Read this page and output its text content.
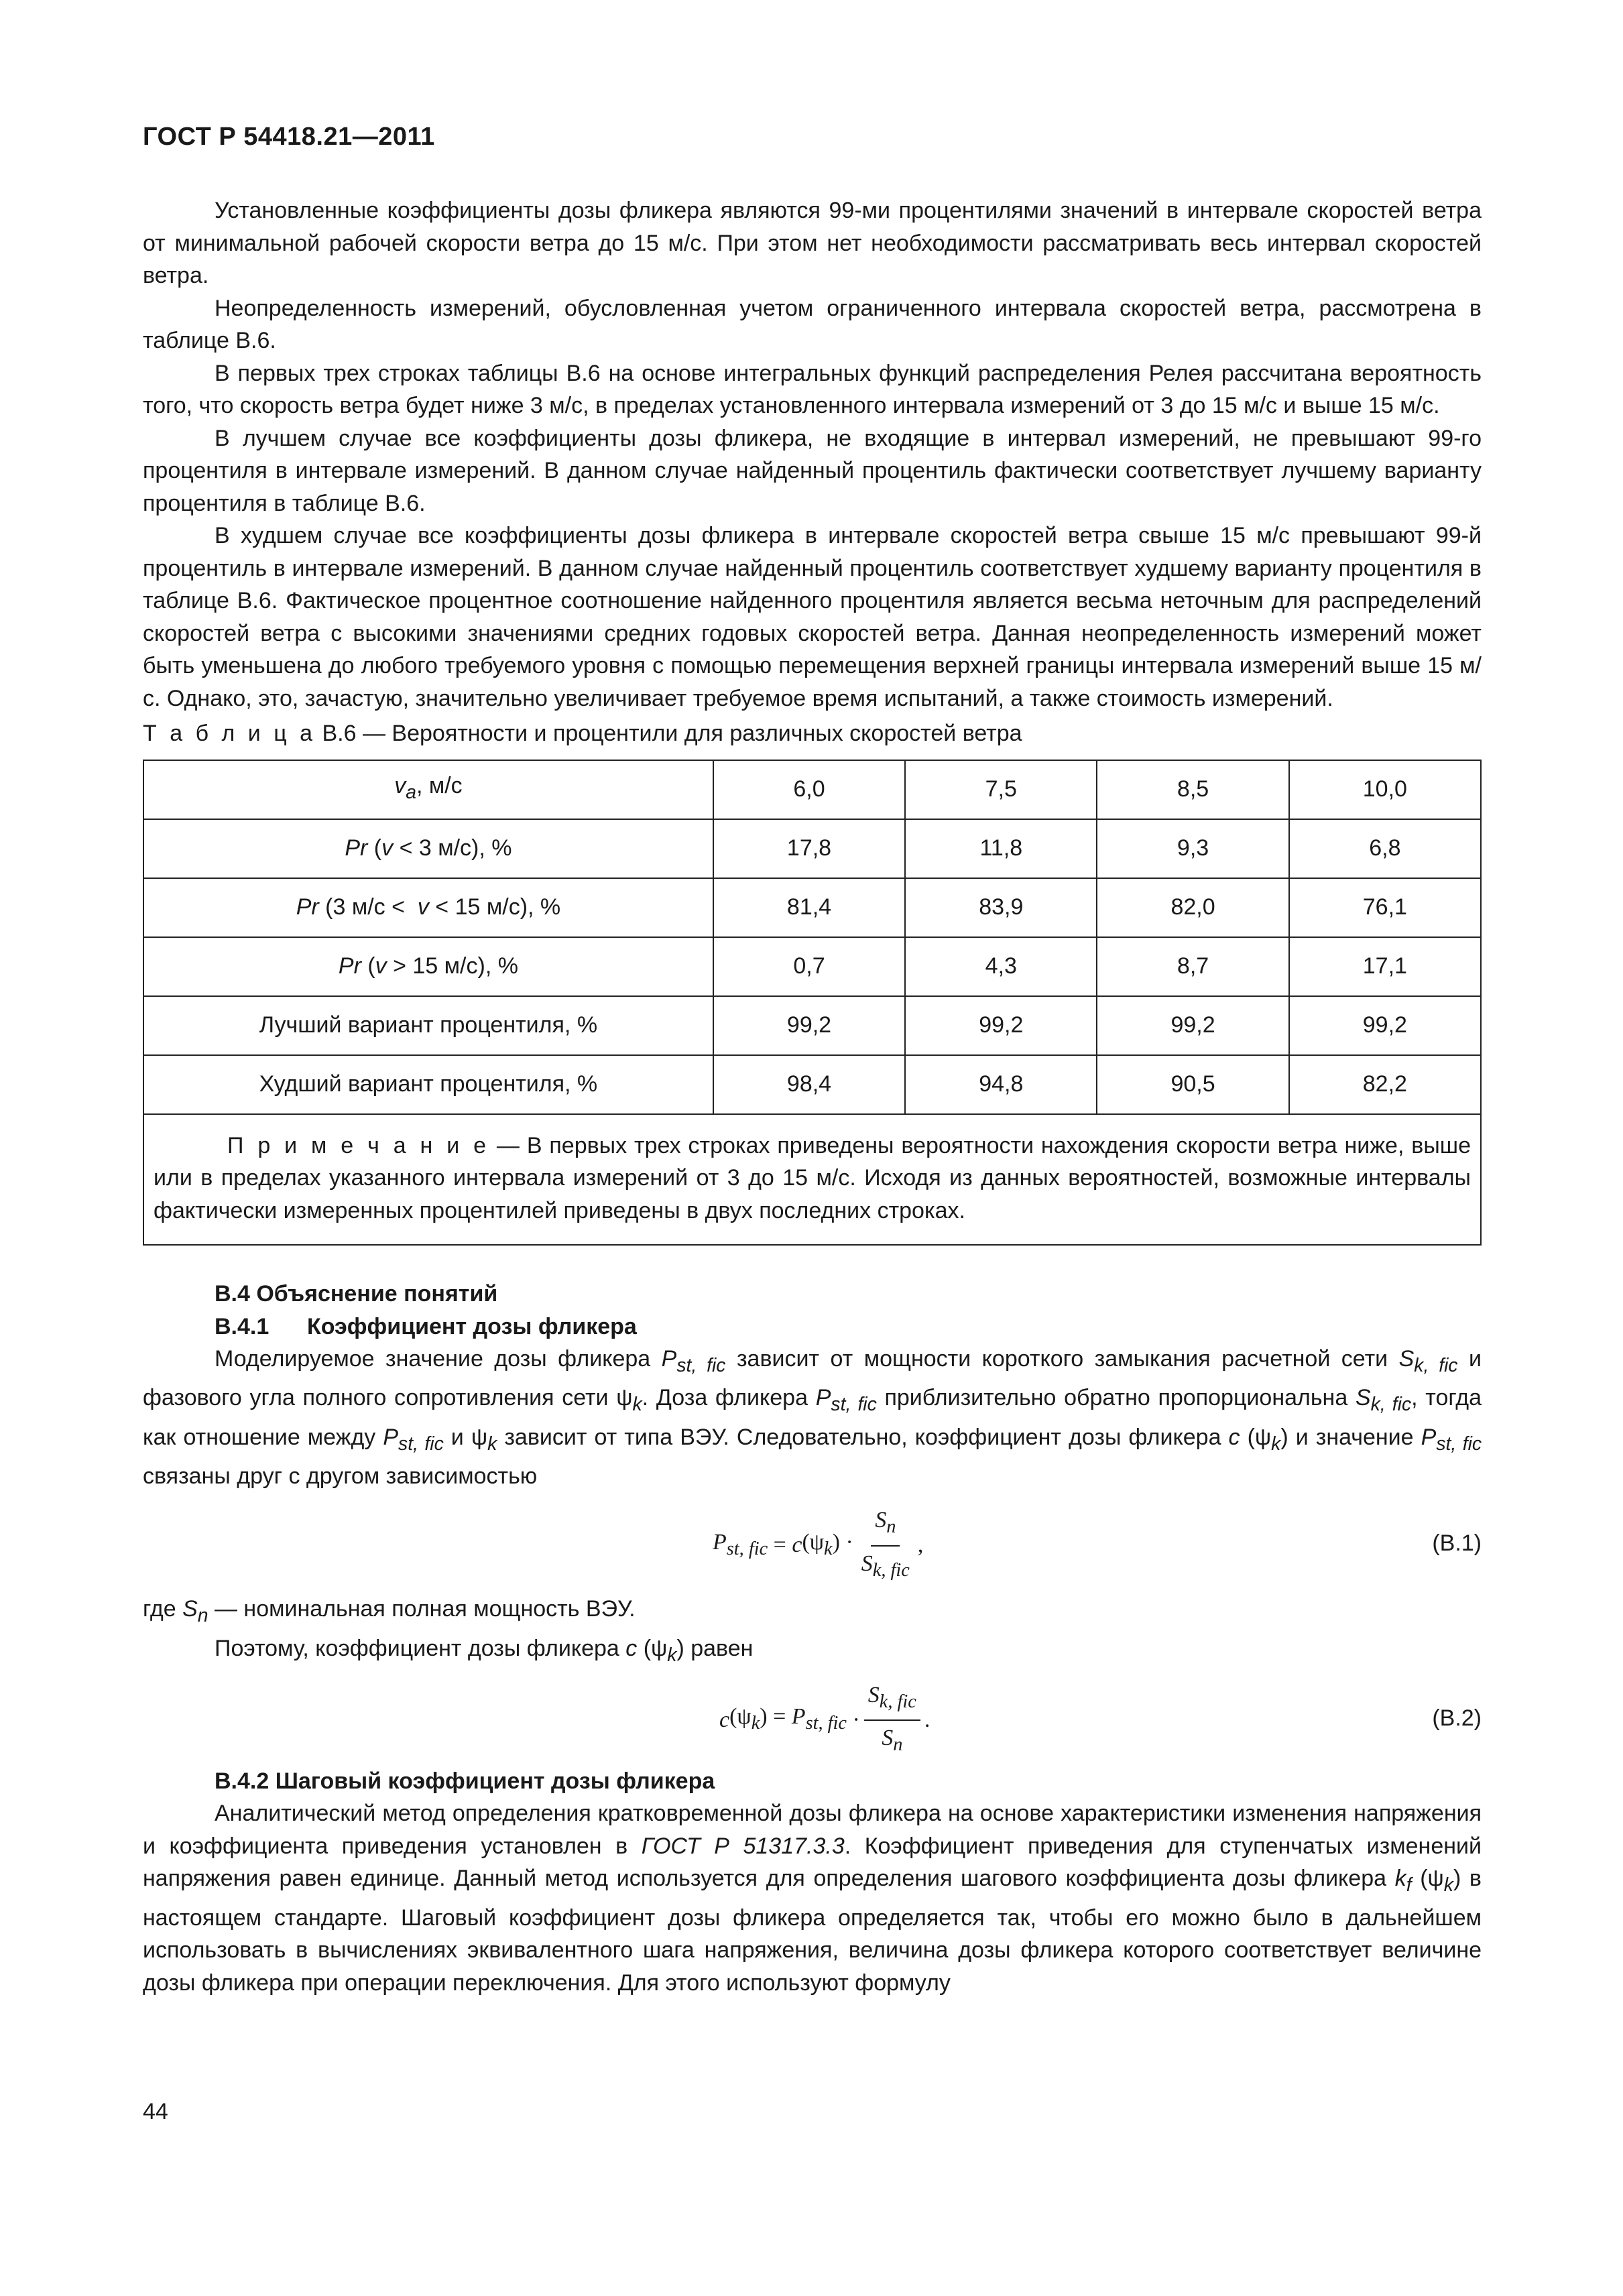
ГОСТ Р 54418.21—2011

Установленные коэффициенты дозы фликера являются 99-ми процентилями значений в интервале скоростей ветра от минимальной рабочей скорости ветра до 15 м/с. При этом нет необходимости рассматривать весь интервал скоростей ветра.

Неопределенность измерений, обусловленная учетом ограниченного интервала скоростей ветра, рассмотрена в таблице В.6.

В первых трех строках таблицы В.6 на основе интегральных функций распределения Релея рассчитана вероятность того, что скорость ветра будет ниже 3 м/с, в пределах установленного интервала измерений от 3 до 15 м/с и выше 15 м/с.

В лучшем случае все коэффициенты дозы фликера, не входящие в интервал измерений, не превышают 99-го процентиля в интервале измерений. В данном случае найденный процентиль фактически соответствует лучшему варианту процентиля в таблице В.6.

В худшем случае все коэффициенты дозы фликера в интервале скоростей ветра свыше 15 м/с превышают 99-й процентиль в интервале измерений. В данном случае найденный процентиль соответствует худшему варианту процентиля в таблице В.6. Фактическое процентное соотношение найденного процентиля является весьма неточным для распределений скоростей ветра с высокими значениями средних годовых скоростей ветра. Данная неопределенность измерений может быть уменьшена до любого требуемого уровня с помощью перемещения верхней границы интервала измерений выше 15 м/с. Однако, это, зачастую, значительно увеличивает требуемое время испытаний, а также стоимость измерений.

Т а б л и ц а В.6 — Вероятности и процентили для различных скоростей ветра

$v_a$, м/с	6,0	7,5	8,5	10,0
Pr (v < 3 м/с), %	17,8	11,8	9,3	6,8
Pr (3 м/с <  v < 15 м/с), %	81,4	83,9	82,0	76,1
Pr (v > 15 м/с), %	0,7	4,3	8,7	17,1
Лучший вариант процентиля, %	99,2	99,2	99,2	99,2
Худший вариант процентиля, %	98,4	94,8	90,5	82,2
П р и м е ч а н и е — В первых трех строках приведены вероятности нахождения скорости ветра ниже, выше или в пределах указанного интервала измерений от 3 до 15 м/с. Исходя из данных вероятностей, возможные интервалы фактически измеренных процентилей приведены в двух последних строках.				
В.4 Объяснение понятий
В.4.1      Коэффициент дозы фликера

Моделируемое значение дозы фликера $P_{st, fic}$ зависит от мощности короткого замыкания расчетной сети $S_{k, fic}$ и фазового угла полного сопротивления сети $\psi_k$. Доза фликера $P_{st, fic}$ приблизительно обратно пропорциональна $S_{k, fic}$, тогда как отношение между $P_{st, fic}$ и $\psi_k$ зависит от типа ВЭУ. Следовательно, коэффициент дозы фликера c $(\psi_k)$ и значение $P_{st, fic}$ связаны друг с другом зависимостью

$P_{st, fic} = c$ $(\psi_k) \cdot \frac{S_n}{S_{k, fic}}$ ,	(В.1)

где $S_n$ — номинальная полная мощность ВЭУ.

Поэтому, коэффициент дозы фликера c $(\psi_k)$ равен

c $(\psi_k) = P_{st, fic} \cdot \frac{S_{k, fic}}{S_n}$ .	(В.2)
В.4.2 Шаговый коэффициент дозы фликера

Аналитический метод определения кратковременной дозы фликера на основе характеристики изменения напряжения и коэффициента приведения установлен в ГОСТ Р 51317.3.3. Коэффициент приведения для ступенчатых изменений напряжения равен единице. Данный метод используется для определения шагового коэффициента дозы фликера $k_f$ $(\psi_k)$ в настоящем стандарте. Шаговый коэффициент дозы фликера определяется так, чтобы его можно было в дальнейшем использовать в вычислениях эквивалентного шага напряжения, величина дозы фликера которого соответствует величине дозы фликера при операции переключения. Для этого используют формулу

44
